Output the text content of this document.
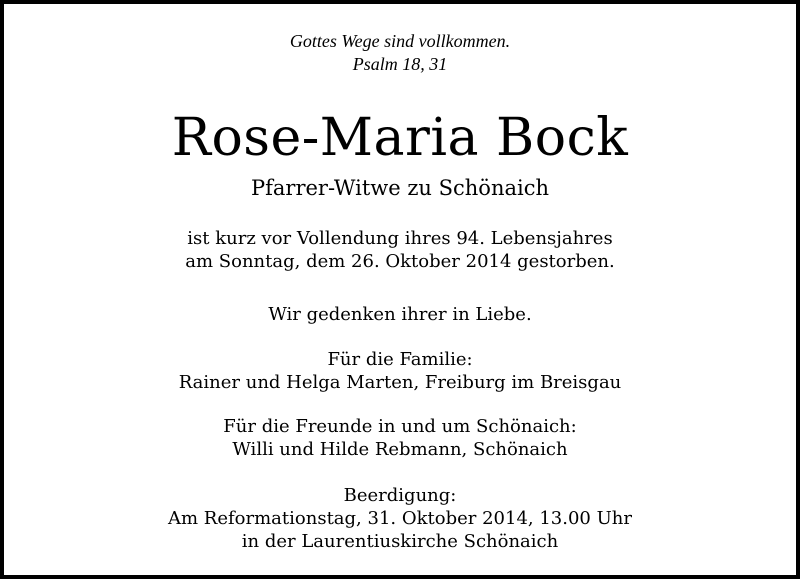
Gottes Wege sind vollkommen.
Psalm 18, 31
Rose-Maria Bock
Pfarrer-Witwe zu Schönaich
ist kurz vor Vollendung ihres 94. Lebensjahres
am Sonntag, dem 26. Oktober 2014 gestorben.
Wir gedenken ihrer in Liebe.
Für die Familie:
Rainer und Helga Marten, Freiburg im Breisgau
Für die Freunde in und um Schönaich:
Willi und Hilde Rebmann, Schönaich
Beerdigung:
Am Reformationstag, 31. Oktober 2014, 13.00 Uhr
in der Laurentiuskirche Schönaich
